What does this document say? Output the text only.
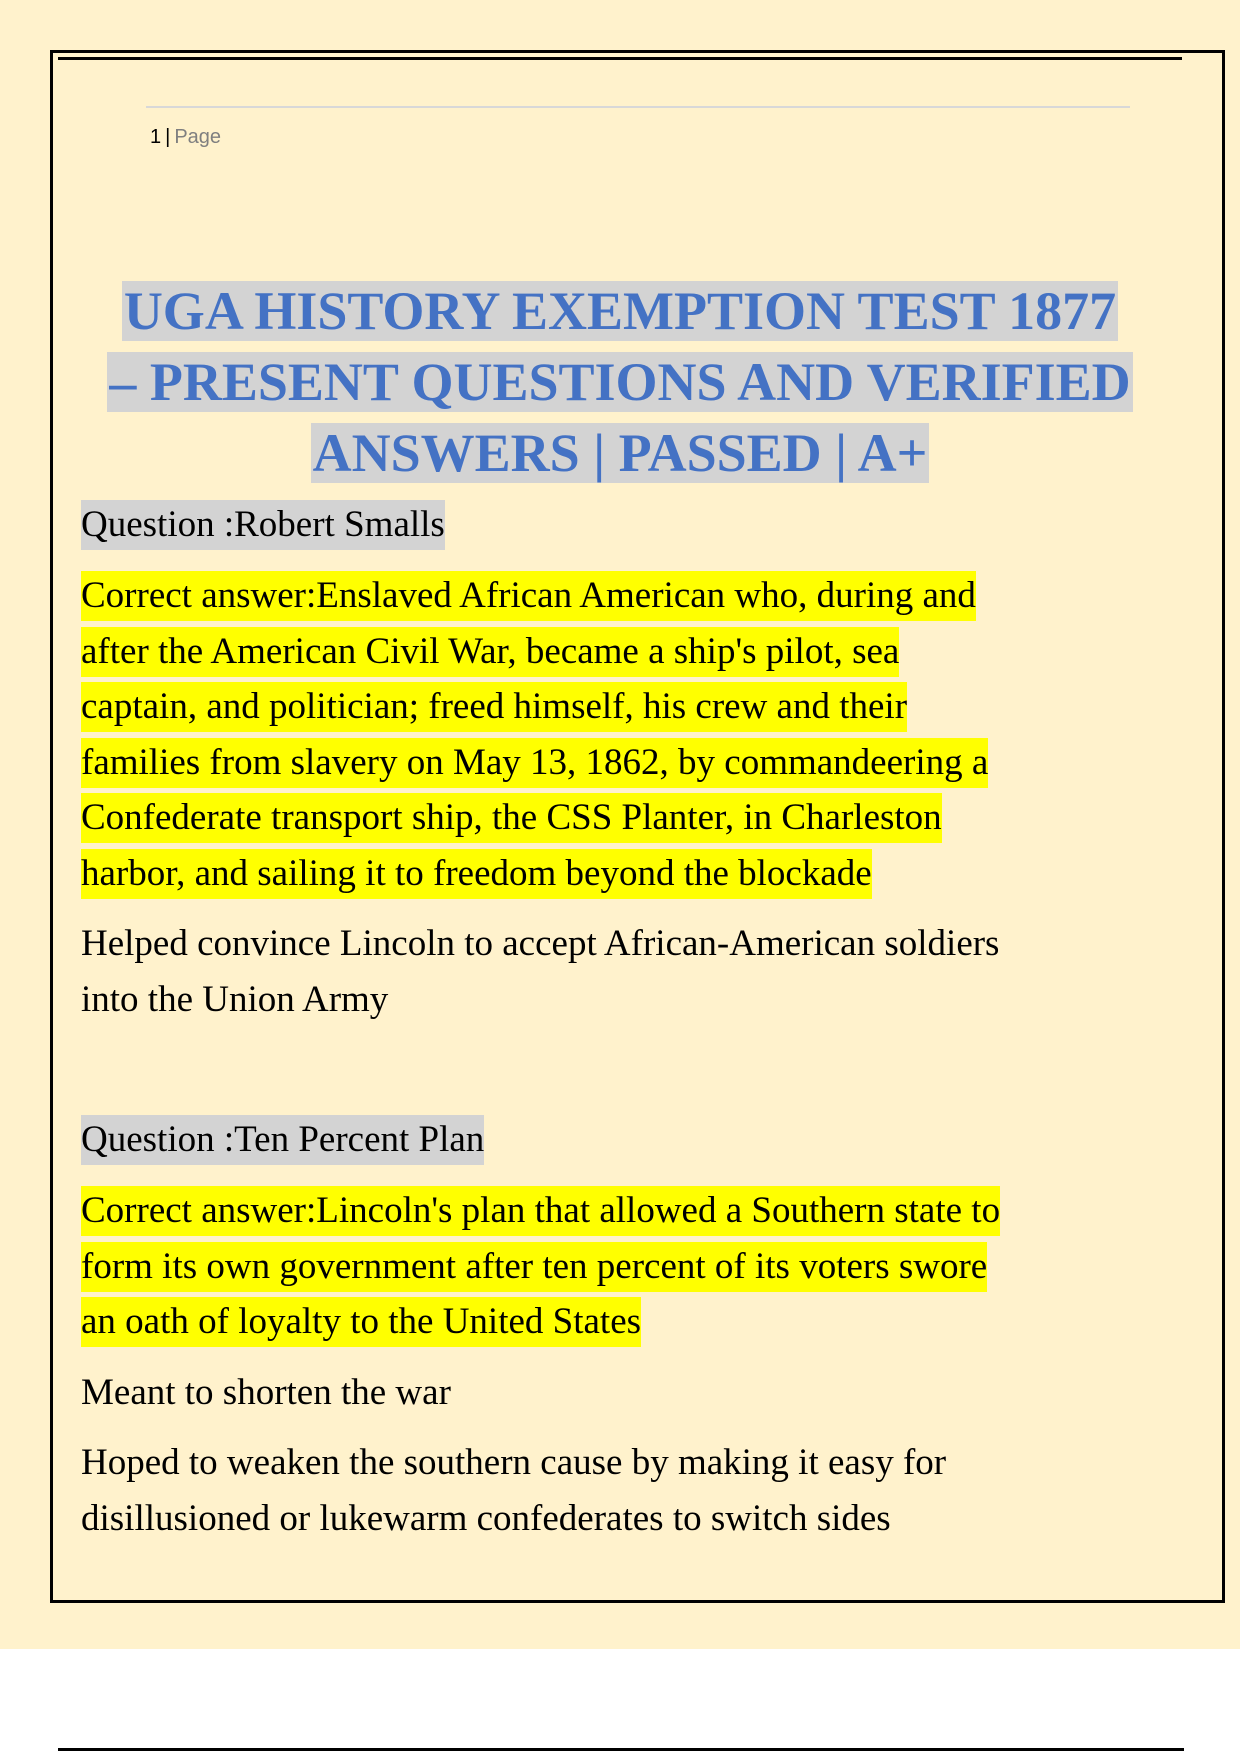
1 | Page
UGA HISTORY EXEMPTION TEST 1877
– PRESENT QUESTIONS AND VERIFIED
ANSWERS | PASSED | A+
Question :Robert Smalls
Correct answer:Enslaved African American who, during and
after the American Civil War, became a ship's pilot, sea
captain, and politician; freed himself, his crew and their
families from slavery on May 13, 1862, by commandeering a
Confederate transport ship, the CSS Planter, in Charleston
harbor, and sailing it to freedom beyond the blockade
Helped convince Lincoln to accept African-American soldiers
into the Union Army
Question :Ten Percent Plan
Correct answer:Lincoln's plan that allowed a Southern state to
form its own government after ten percent of its voters swore
an oath of loyalty to the United States
Meant to shorten the war
Hoped to weaken the southern cause by making it easy for
disillusioned or lukewarm confederates to switch sides
